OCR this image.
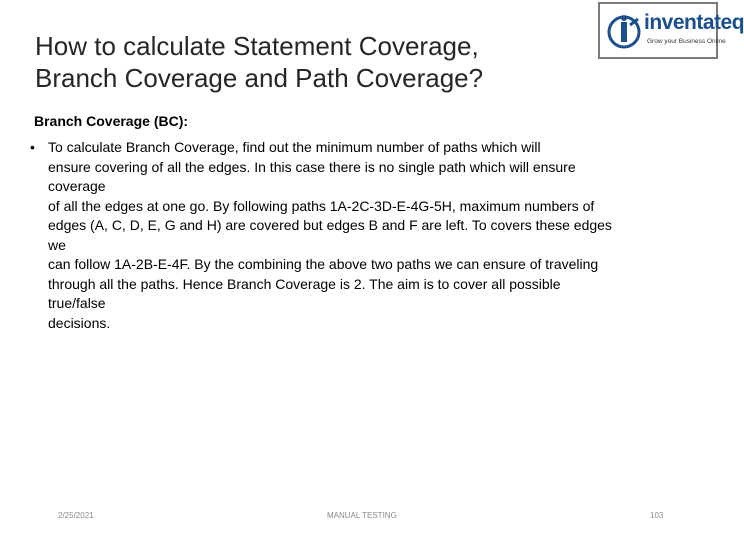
How to calculate Statement Coverage,
Branch Coverage and Path Coverage?
inventateq
Grow your Business Online
Branch Coverage (BC):
• To calculate Branch Coverage, find out the minimum number of paths which will
ensure covering of all the edges. In this case there is no single path which will ensure
coverage
of all the edges at one go. By following paths 1A-2C-3D-E-4G-5H, maximum numbers of
edges (A, C, D, E, G and H) are covered but edges B and F are left. To covers these edges
we
can follow 1A-2B-E-4F. By the combining the above two paths we can ensure of traveling
through all the paths. Hence Branch Coverage is 2. The aim is to cover all possible
true/false
decisions.
2/25/2021	MANUAL TESTING	103
